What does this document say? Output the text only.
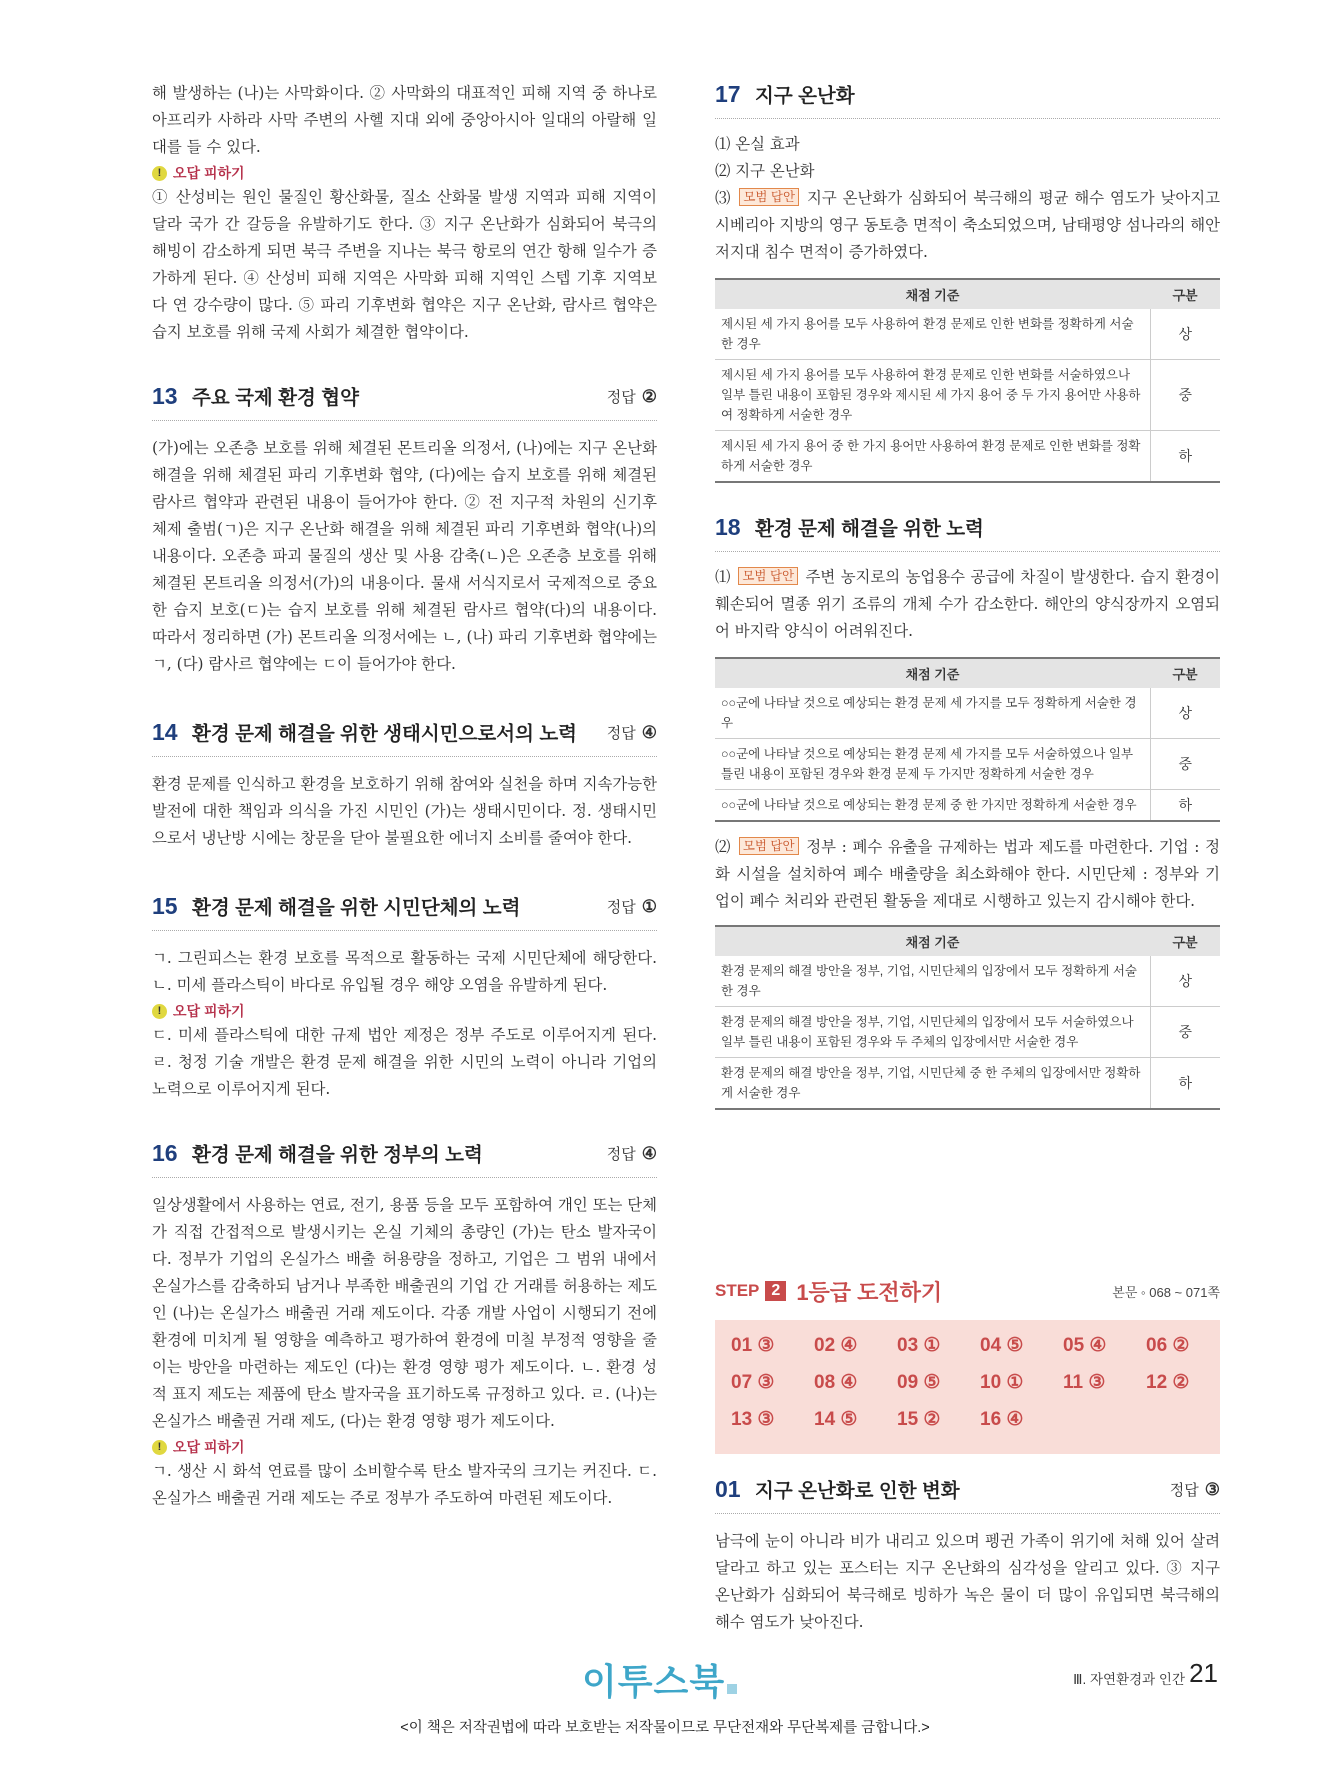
해 발생하는 (나)는 사막화이다. ② 사막화의 대표적인 피해 지역 중 하나로 아프리카 사하라 사막 주변의 사헬 지대 외에 중앙아시아 일대의 아랄해 일대를 들 수 있다.

! 오답 피하기

① 산성비는 원인 물질인 황산화물, 질소 산화물 발생 지역과 피해 지역이 달라 국가 간 갈등을 유발하기도 한다. ③ 지구 온난화가 심화되어 북극의 해빙이 감소하게 되면 북극 주변을 지나는 북극 항로의 연간 항해 일수가 증가하게 된다. ④ 산성비 피해 지역은 사막화 피해 지역인 스텝 기후 지역보다 연 강수량이 많다. ⑤ 파리 기후변화 협약은 지구 온난화, 람사르 협약은 습지 보호를 위해 국제 사회가 체결한 협약이다.

13 주요 국제 환경 협약	정답 ②

(가)에는 오존층 보호를 위해 체결된 몬트리올 의정서, (나)에는 지구 온난화 해결을 위해 체결된 파리 기후변화 협약, (다)에는 습지 보호를 위해 체결된 람사르 협약과 관련된 내용이 들어가야 한다. ② 전 지구적 차원의 신기후 체제 출범(ㄱ)은 지구 온난화 해결을 위해 체결된 파리 기후변화 협약(나)의 내용이다. 오존층 파괴 물질의 생산 및 사용 감축(ㄴ)은 오존층 보호를 위해 체결된 몬트리올 의정서(가)의 내용이다. 물새 서식지로서 국제적으로 중요한 습지 보호(ㄷ)는 습지 보호를 위해 체결된 람사르 협약(다)의 내용이다. 따라서 정리하면 (가) 몬트리올 의정서에는 ㄴ, (나) 파리 기후변화 협약에는 ㄱ, (다) 람사르 협약에는 ㄷ이 들어가야 한다.

14 환경 문제 해결을 위한 생태시민으로서의 노력	정답 ④

환경 문제를 인식하고 환경을 보호하기 위해 참여와 실천을 하며 지속가능한 발전에 대한 책임과 의식을 가진 시민인 (가)는 생태시민이다. 정. 생태시민으로서 냉난방 시에는 창문을 닫아 불필요한 에너지 소비를 줄여야 한다.

15 환경 문제 해결을 위한 시민단체의 노력	정답 ①

ㄱ. 그린피스는 환경 보호를 목적으로 활동하는 국제 시민단체에 해당한다. ㄴ. 미세 플라스틱이 바다로 유입될 경우 해양 오염을 유발하게 된다.

! 오답 피하기

ㄷ. 미세 플라스틱에 대한 규제 법안 제정은 정부 주도로 이루어지게 된다. ㄹ. 청정 기술 개발은 환경 문제 해결을 위한 시민의 노력이 아니라 기업의 노력으로 이루어지게 된다.

16 환경 문제 해결을 위한 정부의 노력	정답 ④

일상생활에서 사용하는 연료, 전기, 용품 등을 모두 포함하여 개인 또는 단체가 직접 간접적으로 발생시키는 온실 기체의 총량인 (가)는 탄소 발자국이다. 정부가 기업의 온실가스 배출 허용량을 정하고, 기업은 그 범위 내에서 온실가스를 감축하되 남거나 부족한 배출권의 기업 간 거래를 허용하는 제도인 (나)는 온실가스 배출권 거래 제도이다. 각종 개발 사업이 시행되기 전에 환경에 미치게 될 영향을 예측하고 평가하여 환경에 미칠 부정적 영향을 줄이는 방안을 마련하는 제도인 (다)는 환경 영향 평가 제도이다. ㄴ. 환경 성적 표지 제도는 제품에 탄소 발자국을 표기하도록 규정하고 있다. ㄹ. (나)는 온실가스 배출권 거래 제도, (다)는 환경 영향 평가 제도이다.

! 오답 피하기

ㄱ. 생산 시 화석 연료를 많이 소비할수록 탄소 발자국의 크기는 커진다. ㄷ. 온실가스 배출권 거래 제도는 주로 정부가 주도하여 마련된 제도이다.

17 지구 온난화

⑴ 온실 효과

⑵ 지구 온난화

⑶ 모범 답안 지구 온난화가 심화되어 북극해의 평균 해수 염도가 낮아지고 시베리아 지방의 영구 동토층 면적이 축소되었으며, 남태평양 섬나라의 해안 저지대 침수 면적이 증가하였다.

채점 기준	구분
제시된 세 가지 용어를 모두 사용하여 환경 문제로 인한 변화를 정확하게 서술한 경우	상
제시된 세 가지 용어를 모두 사용하여 환경 문제로 인한 변화를 서술하였으나 일부 틀린 내용이 포함된 경우와 제시된 세 가지 용어 중 두 가지 용어만 사용하여 정확하게 서술한 경우	중
제시된 세 가지 용어 중 한 가지 용어만 사용하여 환경 문제로 인한 변화를 정확하게 서술한 경우	하
18 환경 문제 해결을 위한 노력

⑴ 모범 답안 주변 농지로의 농업용수 공급에 차질이 발생한다. 습지 환경이 훼손되어 멸종 위기 조류의 개체 수가 감소한다. 해안의 양식장까지 오염되어 바지락 양식이 어려워진다.

채점 기준	구분
○○군에 나타날 것으로 예상되는 환경 문제 세 가지를 모두 정확하게 서술한 경우	상
○○군에 나타날 것으로 예상되는 환경 문제 세 가지를 모두 서술하였으나 일부 틀린 내용이 포함된 경우와 환경 문제 두 가지만 정확하게 서술한 경우	중
○○군에 나타날 것으로 예상되는 환경 문제 중 한 가지만 정확하게 서술한 경우	하

⑵ 모범 답안 정부 : 폐수 유출을 규제하는 법과 제도를 마련한다. 기업 : 정화 시설을 설치하여 폐수 배출량을 최소화해야 한다. 시민단체 : 정부와 기업이 폐수 처리와 관련된 활동을 제대로 시행하고 있는지 감시해야 한다.

채점 기준	구분
환경 문제의 해결 방안을 정부, 기업, 시민단체의 입장에서 모두 정확하게 서술한 경우	상
환경 문제의 해결 방안을 정부, 기업, 시민단체의 입장에서 모두 서술하였으나 일부 틀린 내용이 포함된 경우와 두 주체의 입장에서만 서술한 경우	중
환경 문제의 해결 방안을 정부, 기업, 시민단체 중 한 주체의 입장에서만 정확하게 서술한 경우	하
STEP 2 1등급 도전하기	본문 ◦ 068 ~ 071쪽
01 ③	02 ④	03 ①	04 ⑤	05 ④	06 ②
07 ③	08 ④	09 ⑤	10 ①	11 ③	12 ②
13 ③	14 ⑤	15 ②	16 ④
01 지구 온난화로 인한 변화	정답 ③

남극에 눈이 아니라 비가 내리고 있으며 펭귄 가족이 위기에 처해 있어 살려 달라고 하고 있는 포스터는 지구 온난화의 심각성을 알리고 있다. ③ 지구 온난화가 심화되어 북극해로 빙하가 녹은 물이 더 많이 유입되면 북극해의 해수 염도가 낮아진다.

이투스북	Ⅲ. 자연환경과 인간 21
<이 책은 저작권법에 따라 보호받는 저작물이므로 무단전재와 무단복제를 금합니다.>
